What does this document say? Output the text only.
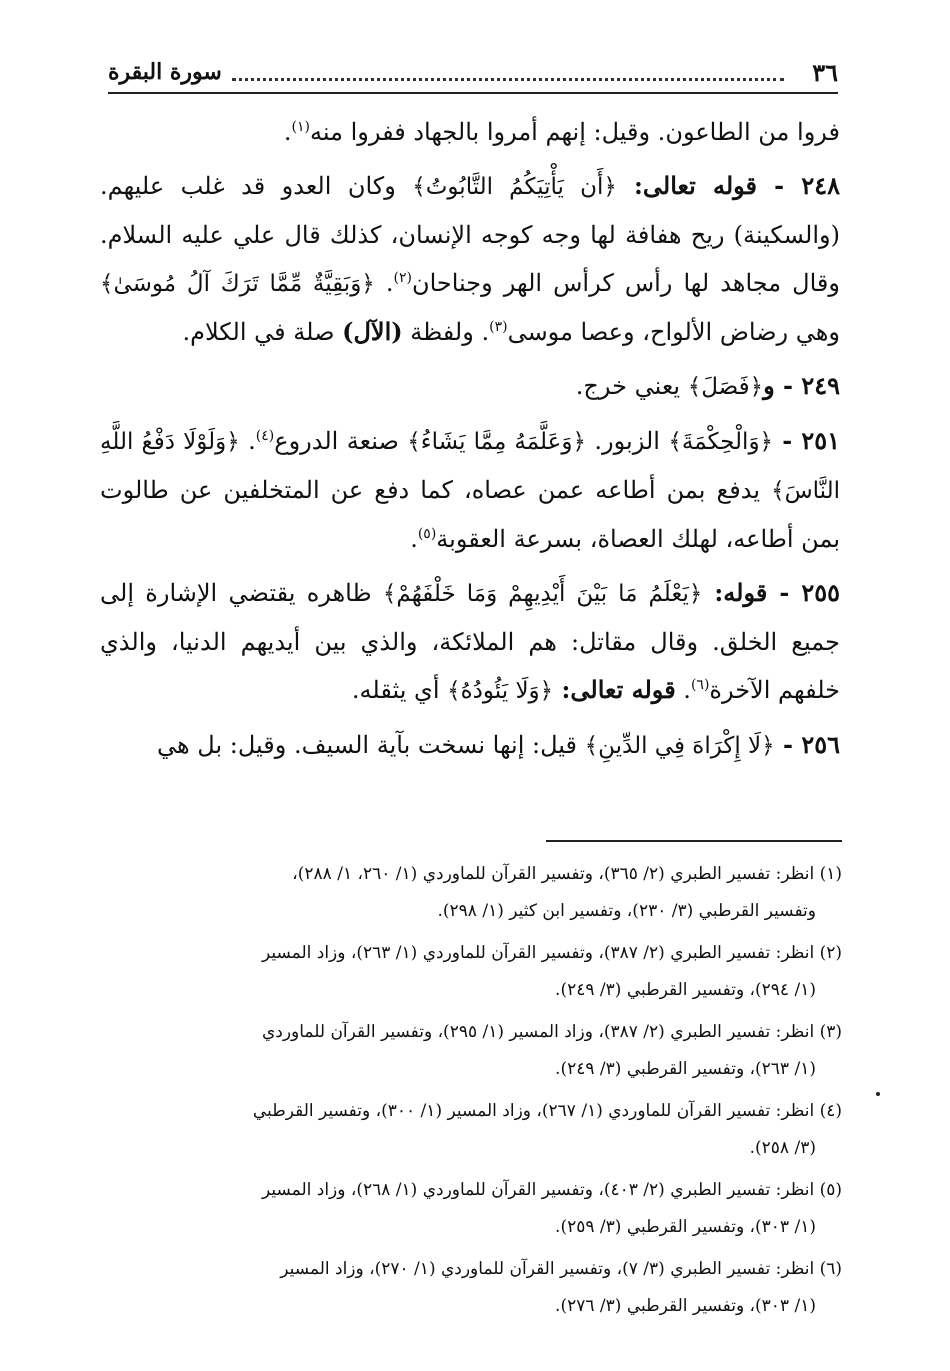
٣٦
سورة البقرة

فروا من الطاعون. وقيل: إنهم أمروا بالجهاد ففروا منه$^{(١)}$.

٢٤٨ - قوله تعالى: ﴿أَن يَأْتِيَكُمُ التَّابُوتُ﴾ وكان العدو قد غلب عليهم. (والسكينة) ريح هفافة لها وجه كوجه الإنسان، كذلك قال علي عليه السلام. وقال مجاهد لها رأس كرأس الهر وجناحان$^{(٢)}$. ﴿وَبَقِيَّةٌ مِّمَّا تَرَكَ آلُ مُوسَىٰ﴾ وهي رضاض الألواح، وعصا موسى$^{(٣)}$. ولفظة (الآل) صلة في الكلام.

٢٤٩ - و﴿فَصَلَ﴾ يعني خرج.

٢٥١ - ﴿وَالْحِكْمَةَ﴾ الزبور. ﴿وَعَلَّمَهُ مِمَّا يَشَاءُ﴾ صنعة الدروع$^{(٤)}$. ﴿وَلَوْلَا دَفْعُ اللَّهِ النَّاسَ﴾ يدفع بمن أطاعه عمن عصاه، كما دفع عن المتخلفين عن طالوت بمن أطاعه، لهلك العصاة، بسرعة العقوبة$^{(٥)}$.

٢٥٥ - قوله: ﴿يَعْلَمُ مَا بَيْنَ أَيْدِيهِمْ وَمَا خَلْفَهُمْ﴾ ظاهره يقتضي الإشارة إلى جميع الخلق. وقال مقاتل: هم الملائكة، والذي بين أيديهم الدنيا، والذي خلفهم الآخرة$^{(٦)}$. قوله تعالى: ﴿وَلَا يَئُودُهُ﴾ أي يثقله.

٢٥٦ - ﴿لَا إِكْرَاهَ فِي الدِّينِ﴾ قيل: إنها نسخت بآية السيف. وقيل: بل هي

(١) انظر: تفسير الطبري (٢/ ٣٦٥)، وتفسير القرآن للماوردي (١/ ٢٦٠، ١/ ٢٨٨)،
وتفسير القرطبي (٣/ ٢٣٠)، وتفسير ابن كثير (١/ ٢٩٨).
(٢) انظر: تفسير الطبري (٢/ ٣٨٧)، وتفسير القرآن للماوردي (١/ ٢٦٣)، وزاد المسير
(١/ ٢٩٤)، وتفسير القرطبي (٣/ ٢٤٩).
(٣) انظر: تفسير الطبري (٢/ ٣٨٧)، وزاد المسير (١/ ٢٩٥)، وتفسير القرآن للماوردي
(١/ ٢٦٣)، وتفسير القرطبي (٣/ ٢٤٩).
(٤) انظر: تفسير القرآن للماوردي (١/ ٢٦٧)، وزاد المسير (١/ ٣٠٠)، وتفسير القرطبي
(٣/ ٢٥٨).
(٥) انظر: تفسير الطبري (٢/ ٤٠٣)، وتفسير القرآن للماوردي (١/ ٢٦٨)، وزاد المسير
(١/ ٣٠٣)، وتفسير القرطبي (٣/ ٢٥٩).
(٦) انظر: تفسير الطبري (٣/ ٧)، وتفسير القرآن للماوردي (١/ ٢٧٠)، وزاد المسير
(١/ ٣٠٣)، وتفسير القرطبي (٣/ ٢٧٦).
